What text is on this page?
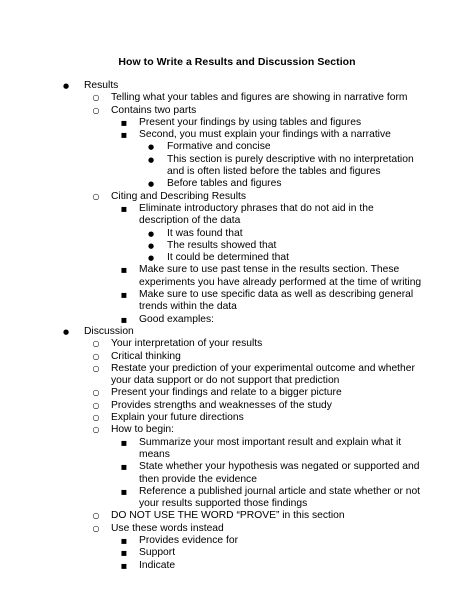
How to Write a Results and Discussion Section
● Results
○ Telling what your tables and figures are showing in narrative form
○ Contains two parts
■ Present your findings by using tables and figures
■ Second, you must explain your findings with a narrative
● Formative and concise
● This section is purely descriptive with no interpretation and is often listed before the tables and figures
● Before tables and figures
○ Citing and Describing Results
■ Eliminate introductory phrases that do not aid in the description of the data
● It was found that
● The results showed that
● It could be determined that
■ Make sure to use past tense in the results section. These experiments you have already performed at the time of writing
■ Make sure to use specific data as well as describing general trends within the data
■ Good examples:
● Discussion
○ Your interpretation of your results
○ Critical thinking
○ Restate your prediction of your experimental outcome and whether your data support or do not support that prediction
○ Present your findings and relate to a bigger picture
○ Provides strengths and weaknesses of the study
○ Explain your future directions
○ How to begin:
■ Summarize your most important result and explain what it means
■ State whether your hypothesis was negated or supported and then provide the evidence
■ Reference a published journal article and state whether or not your results supported those findings
○ DO NOT USE THE WORD “PROVE” in this section
○ Use these words instead
■ Provides evidence for
■ Support
■ Indicate
